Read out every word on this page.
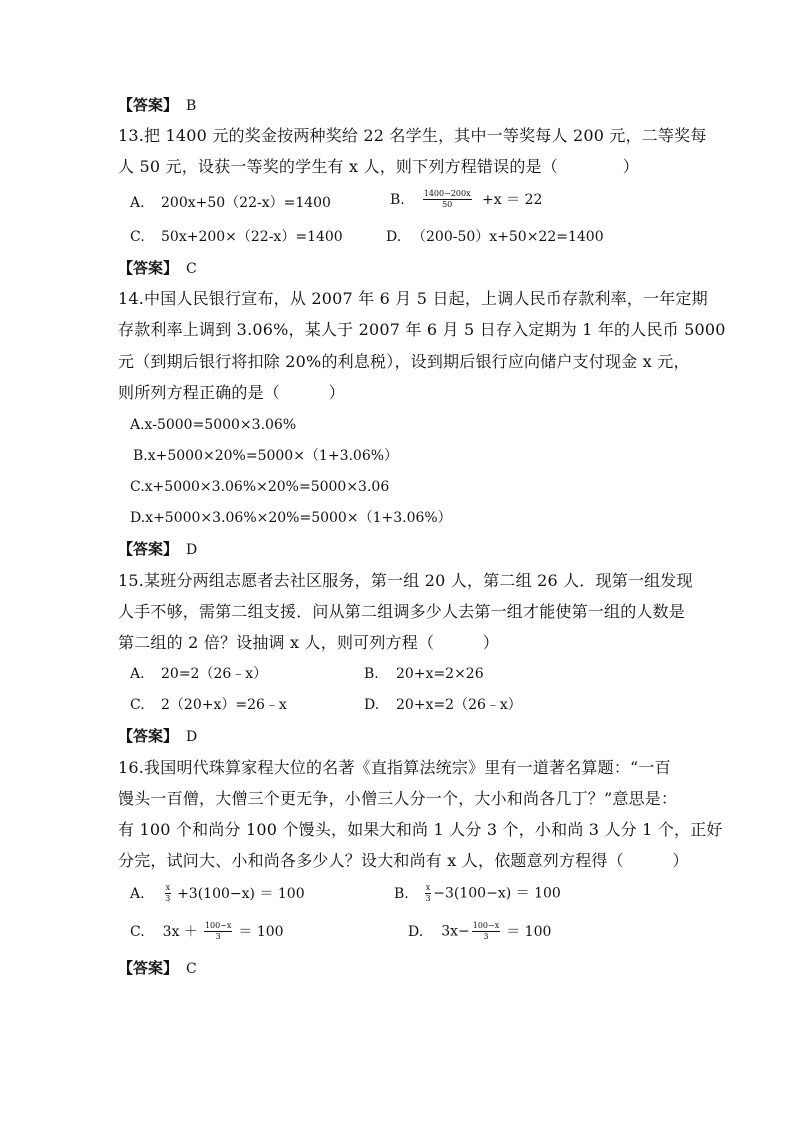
【答案】 B
13.把 1400 元的奖金按两种奖给 22 名学生，其中一等奖每人 200 元，二等奖每
人 50 元，设获一等奖的学生有 x 人，则下列方程错误的是（　　　　）
A. 200x+50（22-x）=1400	B. $\frac{1400-200x}{50} +x = 22$
C. 50x+200×（22-x）=1400	D. （200-50）x+50×22=1400
【答案】 C
14.中国人民银行宣布，从 2007 年 6 月 5 日起，上调人民币存款利率，一年定期
存款利率上调到 3.06%，某人于 2007 年 6 月 5 日存入定期为 1 年的人民币 5000
元（到期后银行将扣除 20%的利息税），设到期后银行应向储户支付现金 x 元，
则所列方程正确的是（　　　）
A.x-5000=5000×3.06%
B.x+5000×20%=5000×（1+3.06%）
C.x+5000×3.06%×20%=5000×3.06
D.x+5000×3.06%×20%=5000×（1+3.06%）
【答案】 D
15.某班分两组志愿者去社区服务，第一组 20 人，第二组 26 人．现第一组发现
人手不够，需第二组支援．问从第二组调多少人去第一组才能使第一组的人数是
第二组的 2 倍？设抽调 x 人，则可列方程（　　　）
A. 20=2（26﹣x）	B. 20+x=2×26
C. 2（20+x）=26﹣x	D. 20+x=2（26﹣x）
【答案】 D
16.我国明代珠算家程大位的名著《直指算法统宗》里有一道著名算题：“一百
馒头一百僧，大僧三个更无争，小僧三人分一个，大小和尚各几丁？”意思是：
有 100 个和尚分 100 个馒头，如果大和尚 1 人分 3 个，小和尚 3 人分 1 个，正好
分完，试问大、小和尚各多少人？设大和尚有 x 人，依题意列方程得（　　　）
A.	$\frac{x}{3} +3(100-x) = 100$	B. $\frac{x}{3} -3(100-x) = 100$
C. $3x + \frac{100-x}{3} = 100$	D. $3x- \frac{100-x}{3} = 100$
【答案】 C
